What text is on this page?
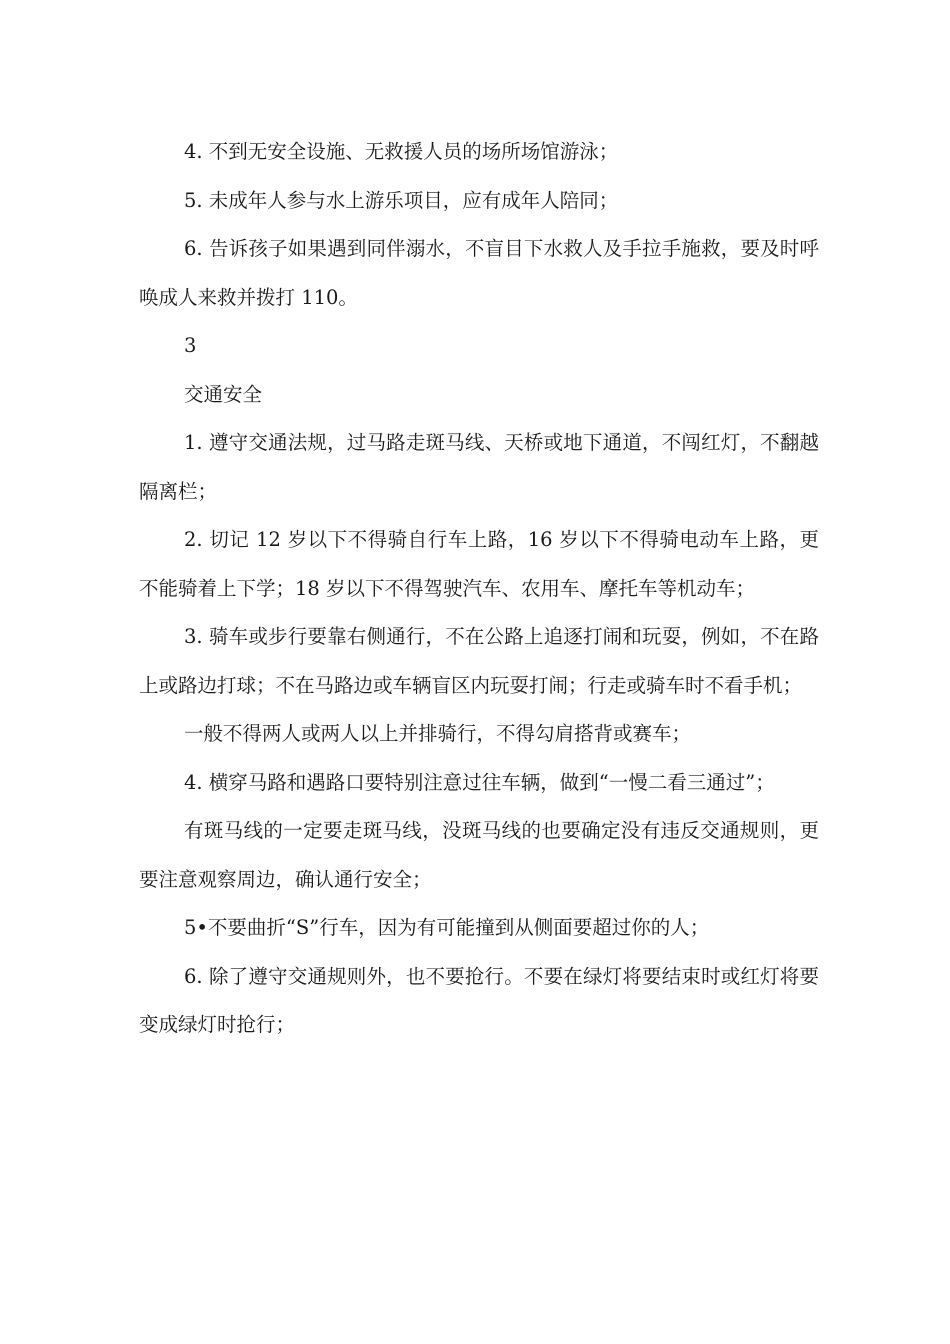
4. 不到无安全设施、无救援人员的场所场馆游泳；

5. 未成年人参与水上游乐项目，应有成年人陪同；

6. 告诉孩子如果遇到同伴溺水，不盲目下水救人及手拉手施救，要及时呼唤成人来救并拨打 110。

3

交通安全

1. 遵守交通法规，过马路走斑马线、天桥或地下通道，不闯红灯，不翻越隔离栏；

2. 切记 12 岁以下不得骑自行车上路，16 岁以下不得骑电动车上路，更不能骑着上下学；18 岁以下不得驾驶汽车、农用车、摩托车等机动车；

3. 骑车或步行要靠右侧通行，不在公路上追逐打闹和玩耍，例如，不在路上或路边打球；不在马路边或车辆盲区内玩耍打闹；行走或骑车时不看手机；

一般不得两人或两人以上并排骑行，不得勾肩搭背或赛车；

4. 横穿马路和遇路口要特别注意过往车辆，做到“一慢二看三通过”；

有斑马线的一定要走斑马线，没斑马线的也要确定没有违反交通规则，更要注意观察周边，确认通行安全；

5•不要曲折“S”行车，因为有可能撞到从侧面要超过你的人；

6. 除了遵守交通规则外，也不要抢行。不要在绿灯将要结束时或红灯将要变成绿灯时抢行；
